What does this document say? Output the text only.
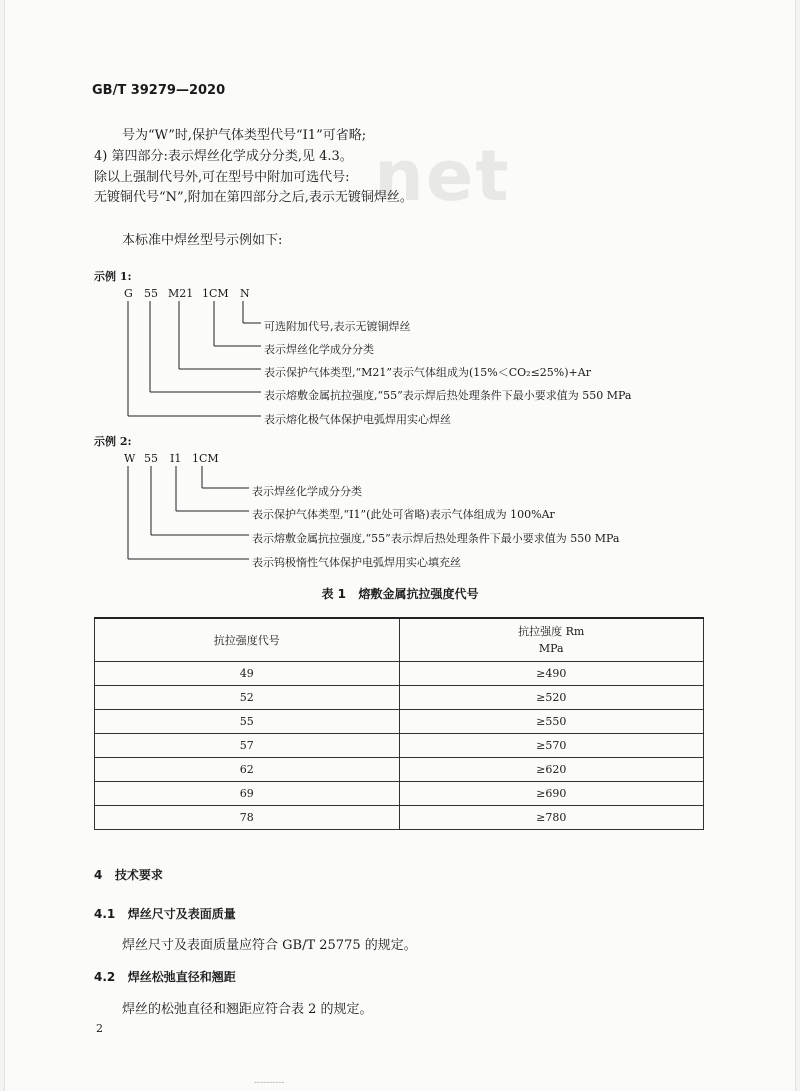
GB/T 39279—2020
net
号为“W”时,保护气体类型代号“I1”可省略;
4) 第四部分:表示焊丝化学成分分类,见 4.3。
除以上强制代号外,可在型号中附加可选代号:
无镀铜代号“N”,附加在第四部分之后,表示无镀铜焊丝。
本标准中焊丝型号示例如下:
示例 1:
G 55 M21 1CM N
可选附加代号,表示无镀铜焊丝
表示焊丝化学成分分类
表示保护气体类型,“M21”表示气体组成为(15%＜CO₂≤25%)+Ar
表示熔敷金属抗拉强度,“55”表示焊后热处理条件下最小要求值为 550 MPa
表示熔化极气体保护电弧焊用实心焊丝
示例 2:
W 55 I1 1CM
表示焊丝化学成分分类
表示保护气体类型,“I1”(此处可省略)表示气体组成为 100%Ar
表示熔敷金属抗拉强度,“55”表示焊后热处理条件下最小要求值为 550 MPa
表示钨极惰性气体保护电弧焊用实心填充丝
表 1   熔敷金属抗拉强度代号
抗拉强度代号	抗拉强度 Rm
MPa

49	≥490
52	≥520
55	≥550
57	≥570
62	≥620
69	≥690
78	≥780
4   技术要求
4.1   焊丝尺寸及表面质量
焊丝尺寸及表面质量应符合 GB/T 25775 的规定。
4.2   焊丝松弛直径和翘距
焊丝的松弛直径和翘距应符合表 2 的规定。
2
----------
